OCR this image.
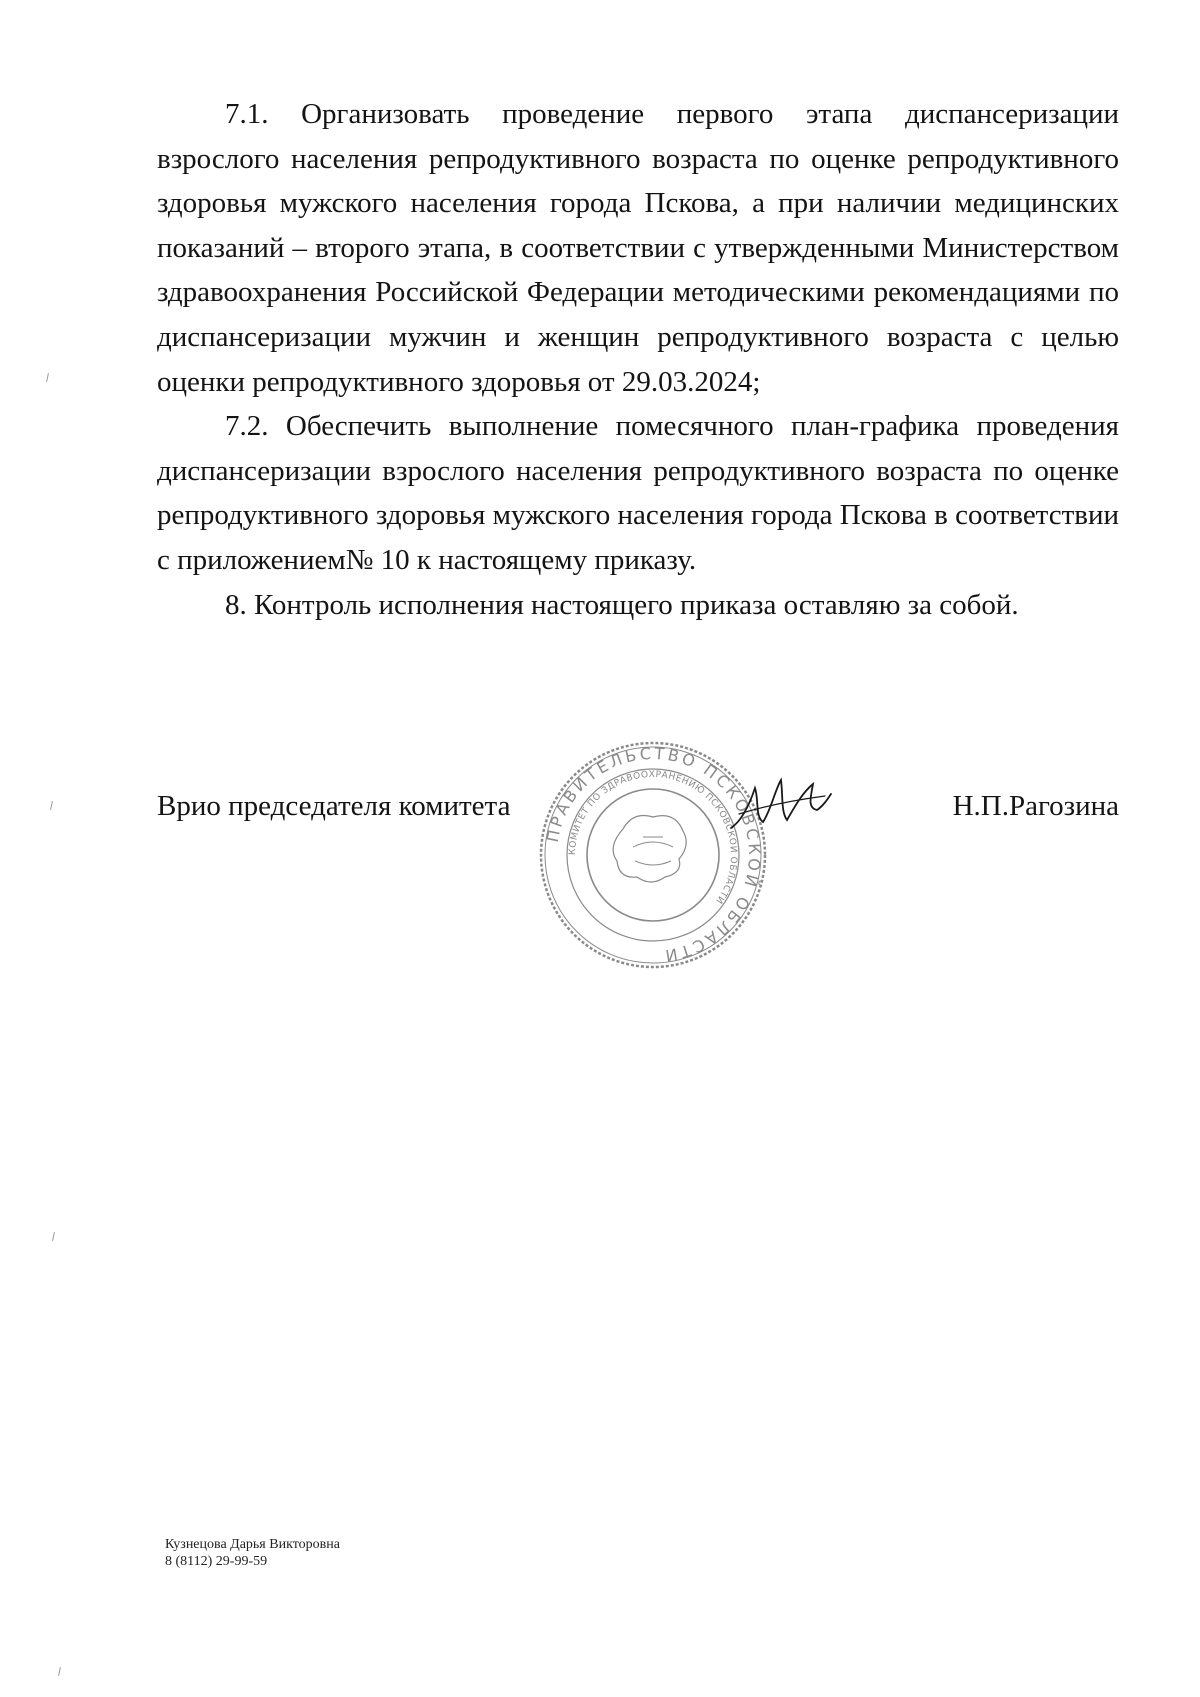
7.1. Организовать проведение первого этапа диспансеризации взрослого населения репродуктивного возраста по оценке репродуктивного здоровья мужского населения города Пскова, а при наличии медицинских показаний – второго этапа, в соответствии с утвержденными Министерством здравоохранения Российской Федерации методическими рекомендациями по диспансеризации мужчин и женщин репродуктивного возраста с целью оценки репродуктивного здоровья от 29.03.2024;

7.2. Обеспечить выполнение помесячного план-графика проведения диспансеризации взрослого населения репродуктивного возраста по оценке репродуктивного здоровья мужского населения города Пскова в соответствии с приложением№ 10 к настоящему приказу.

8. Контроль исполнения настоящего приказа оставляю за собой.

Врио председателя комитета	Н.П.Рагозина
ПРАВИТЕЛЬСТВО ПСКОВСКОЙ ОБЛАСТИ
КОМИТЕТ ПО ЗДРАВООХРАНЕНИЮ ПСКОВСКОЙ ОБЛАСТИ
Кузнецова Дарья Викторовна
8 (8112) 29-99-59
